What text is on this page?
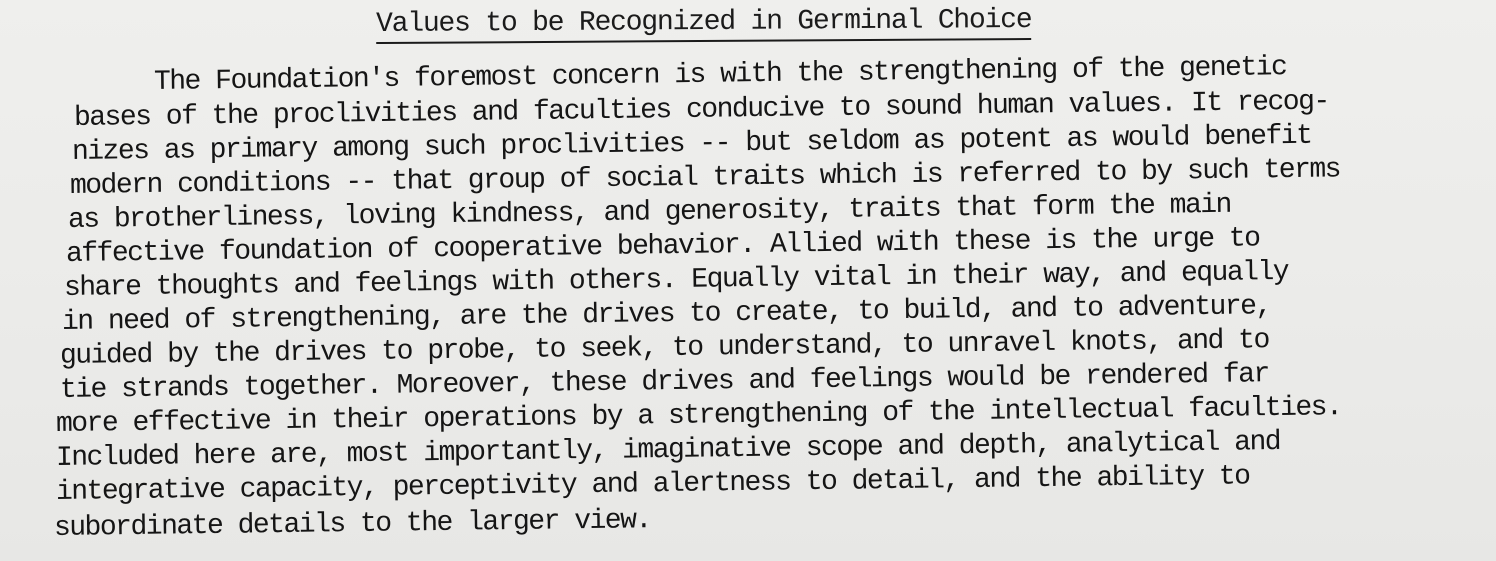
Values to be Recognized in Germinal Choice
The Foundation's foremost concern is with the strengthening of the genetic
bases of the proclivities and faculties conducive to sound human values. It recog-
nizes as primary among such proclivities -- but seldom as potent as would benefit
modern conditions -- that group of social traits which is referred to by such terms
as brotherliness, loving kindness, and generosity, traits that form the main
affective foundation of cooperative behavior. Allied with these is the urge to
share thoughts and feelings with others. Equally vital in their way, and equally
in need of strengthening, are the drives to create, to build, and to adventure,
guided by the drives to probe, to seek, to understand, to unravel knots, and to
tie strands together. Moreover, these drives and feelings would be rendered far
more effective in their operations by a strengthening of the intellectual faculties.
Included here are, most importantly, imaginative scope and depth, analytical and
integrative capacity, perceptivity and alertness to detail, and the ability to
subordinate details to the larger view.
